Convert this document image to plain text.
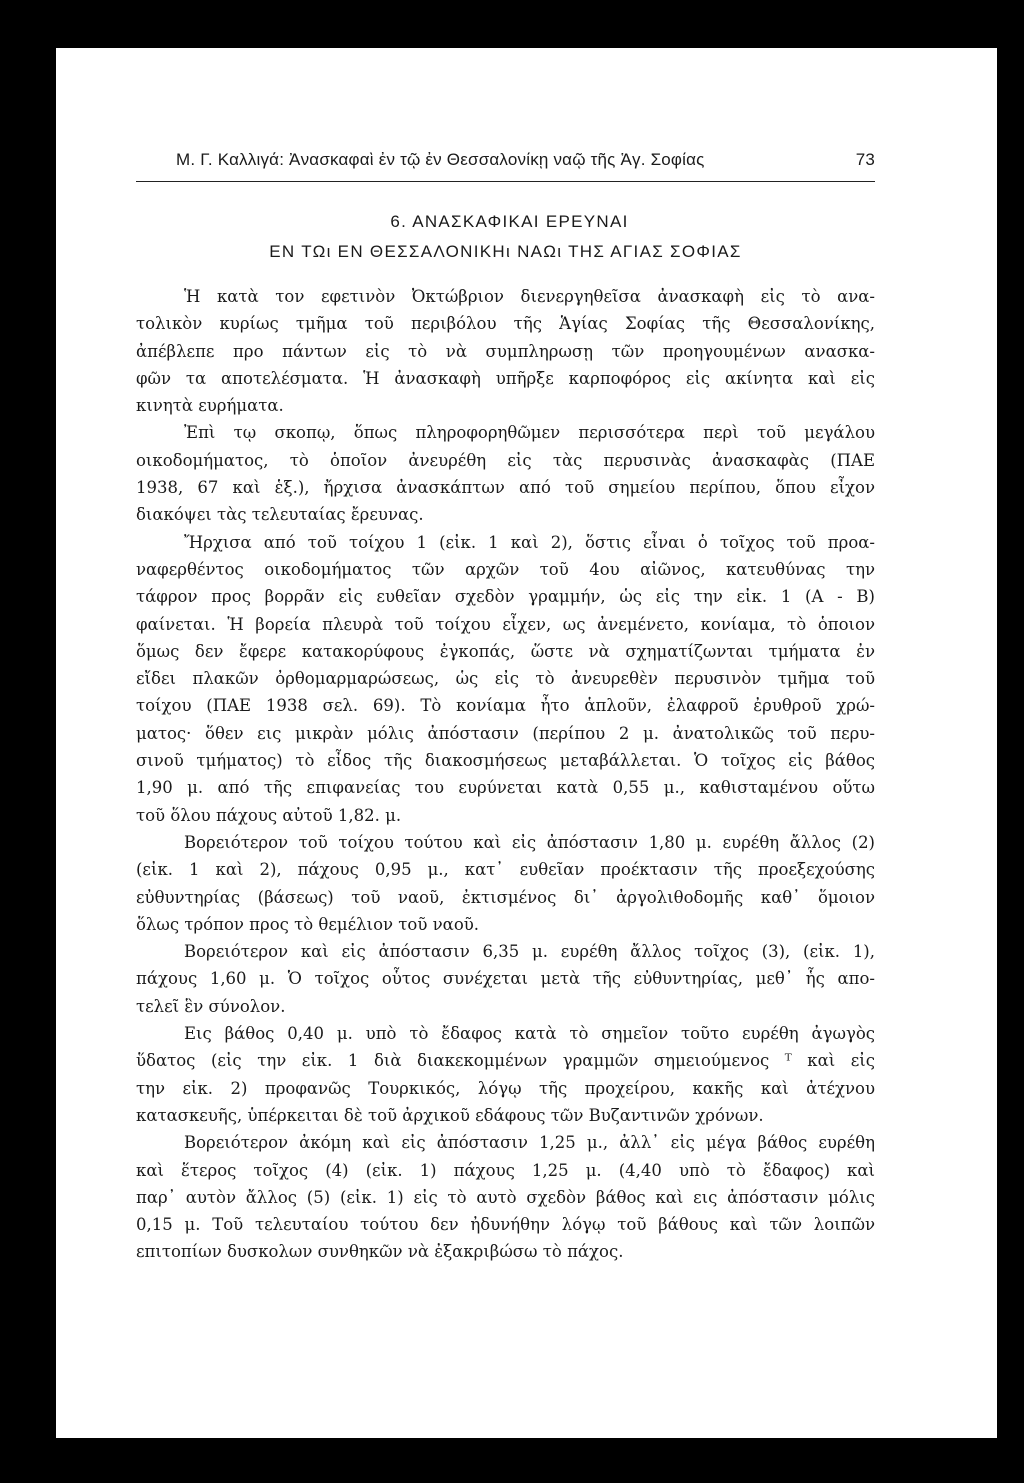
Μ. Γ. Καλλιγά: Ἀνασκαφαὶ ἐν τῷ ἐν Θεσσαλονίκῃ ναῷ τῆς Ἁγ. Σοφίας	73
6. ΑΝΑΣΚΑΦΙΚΑΙ ΕΡΕΥΝΑΙ
ΕΝ ΤΩι ΕΝ ΘΕΣΣΑΛΟΝΙΚΗι ΝΑΩι ΤΗΣ ΑΓΙΑΣ ΣΟΦΙΑΣ
Ἡ κατὰ τον εφετινὸν Ὀκτώβριον διενεργηθεῖσα ἀνασκαφὴ εἰς τὸ ανα-
τολικὸν κυρίως τμῆμα τοῦ περιβόλου τῆς Ἁγίας Σοφίας τῆς Θεσσαλονίκης,
ἀπέβλεπε προ πάντων εἰς τὸ νὰ συμπληρωσῃ τῶν προηγουμένων ανασκα-
φῶν τα αποτελέσματα. Ἡ ἀνασκαφὴ υπῆρξε καρποφόρος εἰς ακίνητα καὶ εἰς
κινητὰ ευρήματα.
Ἐπὶ τῳ σκοπῳ, ὅπως πληροφορηθῶμεν περισσότερα περὶ τοῦ μεγάλου
οικοδομήματος, τὸ ὁποῖον ἀνευρέθη εἰς τὰς περυσινὰς ἀνασκαφὰς (ΠΑΕ
1938, 67 καὶ ἑξ.), ἤρχισα ἀνασκάπτων από τοῦ σημείου περίπου, ὅπου εἶχον
διακόψει τὰς τελευταίας ἔρευνας.
Ἤρχισα από τοῦ τοίχου 1 (εἰκ. 1 καὶ 2), ὅστις εἶναι ὁ τοῖχος τοῦ προα-
ναφερθέντος οικοδομήματος τῶν αρχῶν τοῦ 4ου αἰῶνος, κατευθύνας την
τάφρον προς βορρᾶν εἰς ευθεῖαν σχεδὸν γραμμήν, ὡς εἰς την εἰκ. 1 (Α - Β)
φαίνεται. Ἡ βορεία πλευρὰ τοῦ τοίχου εἶχεν, ως ἀνεμένετο, κονίαμα, τὸ ὁποιον
ὅμως δεν ἔφερε κατακορύφους ἐγκοπάς, ὥστε νὰ σχηματίζωνται τμήματα ἐν
εἴδει πλακῶν ὀρθομαρμαρώσεως, ὡς εἰς τὸ ἀνευρεθὲν περυσινὸν τμῆμα τοῦ
τοίχου (ΠΑΕ 1938 σελ. 69). Τὸ κονίαμα ἦτο ἁπλοῦν, ἐλαφροῦ ἐρυθροῦ χρώ-
ματος· ὅθεν εις μικρὰν μόλις ἀπόστασιν (περίπου 2 μ. ἀνατολικῶς τοῦ περυ-
σινοῦ τμήματος) τὸ εἶδος τῆς διακοσμήσεως μεταβάλλεται. Ὁ τοῖχος εἰς βάθος
1,90 μ. από τῆς επιφανείας του ευρύνεται κατὰ 0,55 μ., καθισταμένου οὕτω
τοῦ ὅλου πάχους αὐτοῦ 1,82. μ.
Βορειότερον τοῦ τοίχου τούτου καὶ εἰς ἀπόστασιν 1,80 μ. ευρέθη ἄλλος (2)
(εἰκ. 1 καὶ 2), πάχους 0,95 μ., κατ᾽ ευθεῖαν προέκτασιν τῆς προεξεχούσης
εὐθυντηρίας (βάσεως) τοῦ ναοῦ, ἐκτισμένος δι᾽ ἀργολιθοδομῆς καθ᾽ ὅμοιον
ὅλως τρόπον προς τὸ θεμέλιον τοῦ ναοῦ.
Βορειότερον καὶ εἰς ἀπόστασιν 6,35 μ. ευρέθη ἄλλος τοῖχος (3), (εἰκ. 1),
πάχους 1,60 μ. Ὁ τοῖχος οὗτος συνέχεται μετὰ τῆς εὐθυντηρίας, μεθ᾽ ἧς απο-
τελεῖ ἓν σύνολον.
Εις βάθος 0,40 μ. υπὸ τὸ ἔδαφος κατὰ τὸ σημεῖον τοῦτο ευρέθη ἀγωγὸς
ὕδατος (εἰς την εἰκ. 1 διὰ διακεκομμένων γραμμῶν σημειούμενος ᵀ καὶ εἰς
την εἰκ. 2) προφανῶς Τουρκικός, λόγῳ τῆς προχείρου, κακῆς καὶ ἀτέχνου
κατασκευῆς, ὑπέρκειται δὲ τοῦ ἀρχικοῦ εδάφους τῶν Βυζαντινῶν χρόνων.
Βορειότερον ἀκόμη καὶ εἰς ἀπόστασιν 1,25 μ., ἀλλ᾽ εἰς μέγα βάθος ευρέθη
καὶ ἕτερος τοῖχος (4) (εἰκ. 1) πάχους 1,25 μ. (4,40 υπὸ τὸ ἔδαφος) καὶ
παρ᾽ αυτὸν ἄλλος (5) (εἰκ. 1) εἰς τὸ αυτὸ σχεδὸν βάθος καὶ εις ἀπόστασιν μόλις
0,15 μ. Τοῦ τελευταίου τούτου δεν ἠδυνήθην λόγῳ τοῦ βάθους καὶ τῶν λοιπῶν
επιτοπίων δυσκολων συνθηκῶν νὰ ἐξακριβώσω τὸ πάχος.
